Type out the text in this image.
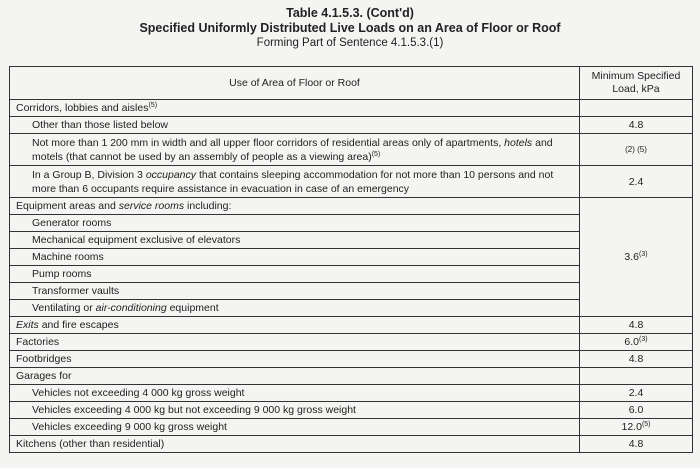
Table 4.1.5.3. (Cont'd)
Specified Uniformly Distributed Live Loads on an Area of Floor or Roof
Forming Part of Sentence 4.1.5.3.(1)
Use of Area of Floor or Roof	Minimum Specified Load, kPa
Corridors, lobbies and aisles$^{(5)}$	
Other than those listed below	4.8
Not more than 1 200 mm in width and all upper floor corridors of residential areas only of apartments, hotels and motels (that cannot be used by an assembly of people as a viewing area)$^{(5)}$	(2) (5)
In a Group B, Division 3 occupancy that contains sleeping accommodation for not more than 10 persons and not more than 6 occupants require assistance in evacuation in case of an emergency	2.4
Equipment areas and service rooms including:	3.6$^{(3)}$
Generator rooms	
Mechanical equipment exclusive of elevators	
Machine rooms	
Pump rooms	
Transformer vaults	
Ventilating or air-conditioning equipment	
Exits and fire escapes	4.8
Factories	6.0$^{(3)}$
Footbridges	4.8
Garages for	
Vehicles not exceeding 4 000 kg gross weight	2.4
Vehicles exceeding 4 000 kg but not exceeding 9 000 kg gross weight	6.0
Vehicles exceeding 9 000 kg gross weight	12.0$^{(5)}$
Kitchens (other than residential)	4.8
